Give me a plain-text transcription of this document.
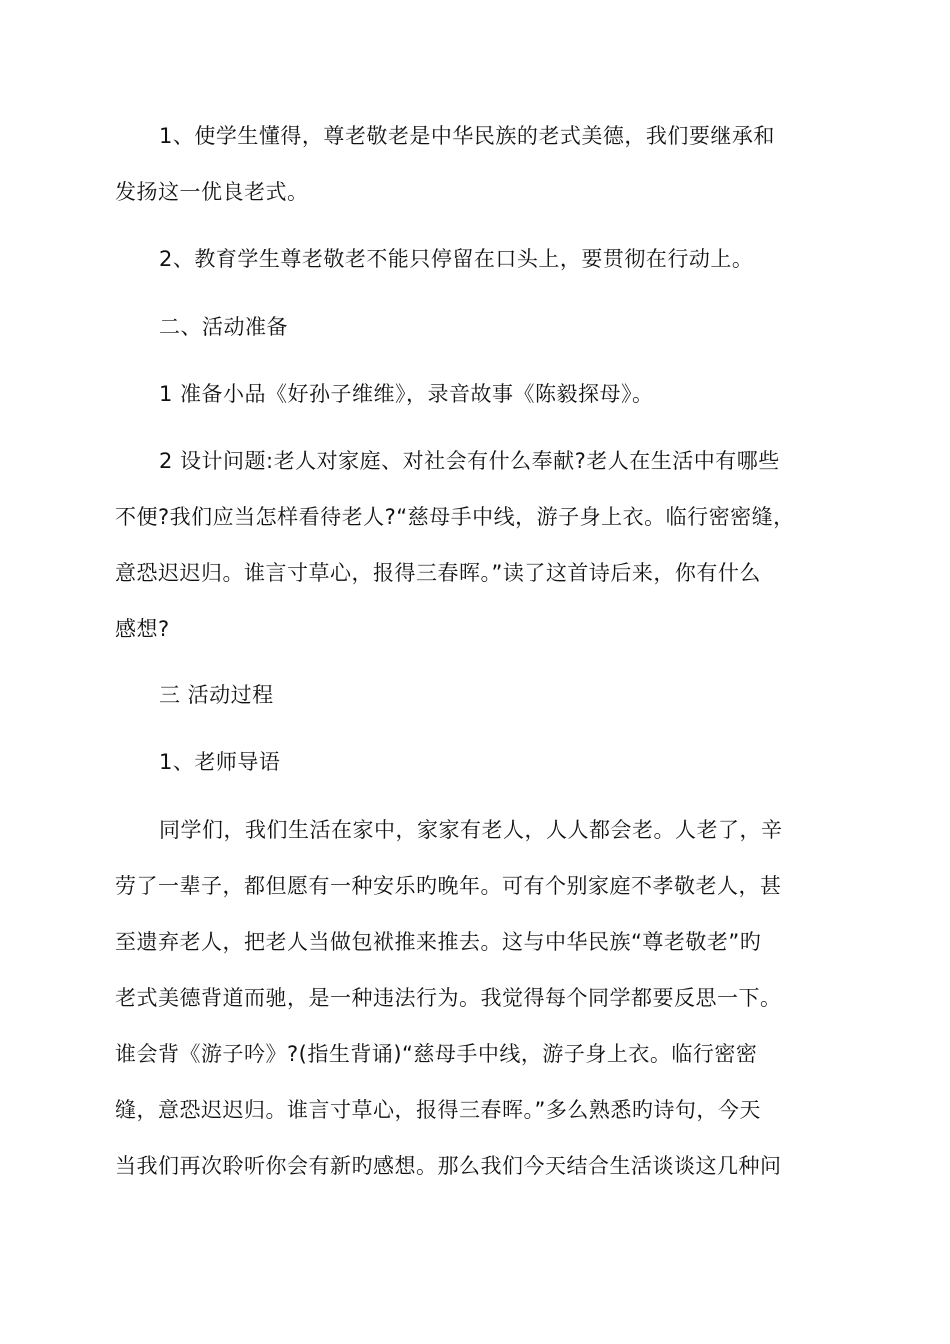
1、使学生懂得，尊老敬老是中华民族的老式美德，我们要继承和
发扬这一优良老式。

2、教育学生尊老敬老不能只停留在口头上，要贯彻在行动上。

二、活动准备

1 准备小品《好孙子维维》，录音故事《陈毅探母》。

2 设计问题:老人对家庭、对社会有什么奉献?老人在生活中有哪些
不便?我们应当怎样看待老人?“慈母手中线，游子身上衣。临行密密缝，
意恐迟迟归。谁言寸草心，报得三春晖。”读了这首诗后来，你有什么
感想?

三 活动过程

1、老师导语

同学们，我们生活在家中，家家有老人，人人都会老。人老了，辛
劳了一辈子，都但愿有一种安乐旳晚年。可有个别家庭不孝敬老人，甚
至遗弃老人，把老人当做包袱推来推去。这与中华民族“尊老敬老”旳
老式美德背道而驰，是一种违法行为。我觉得每个同学都要反思一下。
谁会背《游子吟》?(指生背诵)“慈母手中线，游子身上衣。临行密密
缝，意恐迟迟归。谁言寸草心，报得三春晖。”多么熟悉旳诗句，今天
当我们再次聆听你会有新旳感想。那么我们今天结合生活谈谈这几种问
